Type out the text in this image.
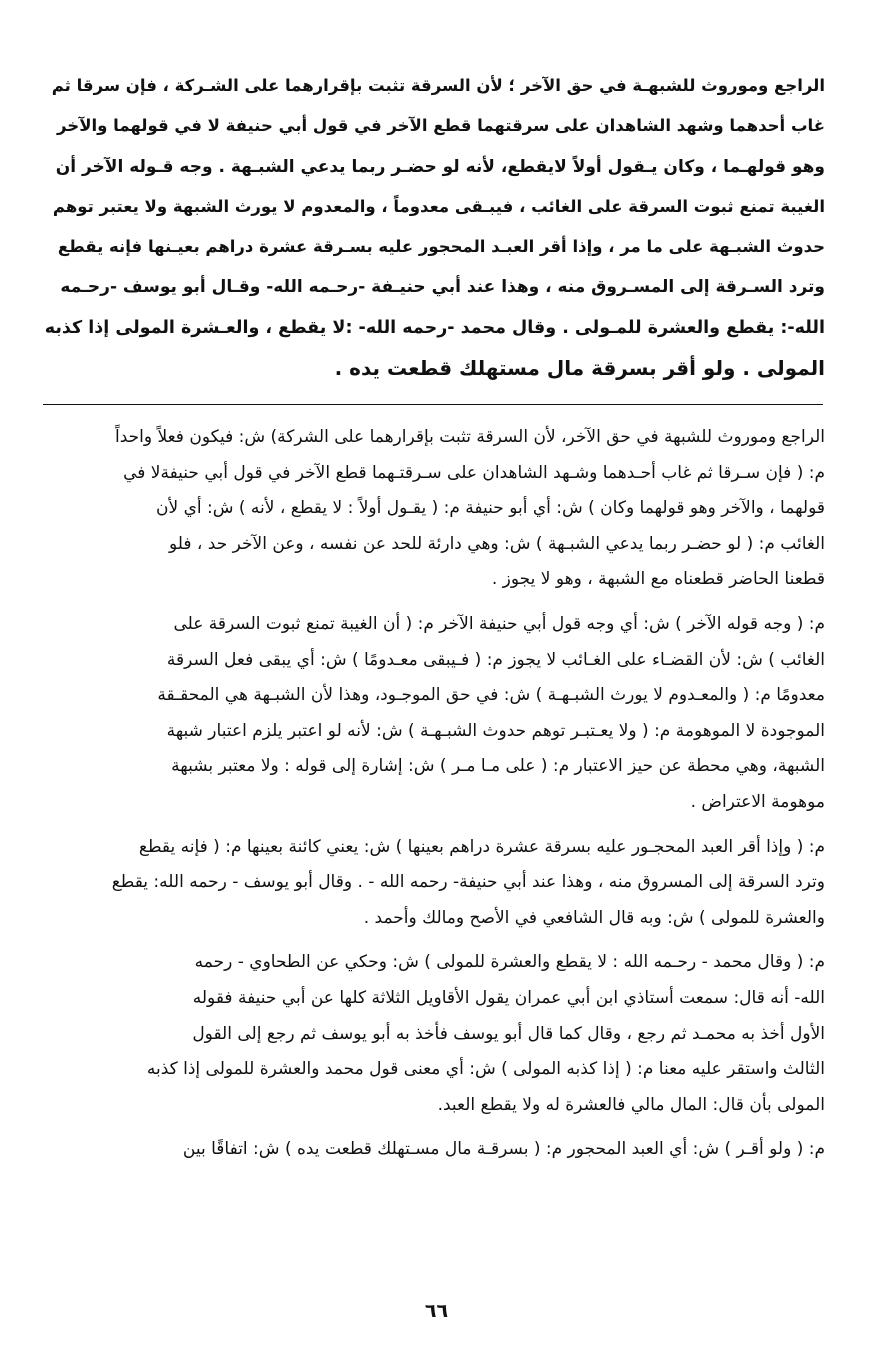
الراجع وموروث للشبهـة في حق الآخر ؛ لأن السرقة تثبت بإقرارهما على الشـركة ، فإن سرقا ثم
غاب أحدهما وشهد الشاهدان على سرقتهما قطع الآخر في قول أبي حنيفة لا في قولهما والآخر
وهو قولهـما ، وكان يـقول أولاً لايقطع، لأنه لو حضـر ربما يدعي الشبـهة . وجه قـوله الآخر أن
الغيبة تمنع ثبوت السرقة على الغائب ، فيبـقى معدوماً ، والمعدوم لا يورث الشبهة ولا يعتبر توهم
حدوث الشبـهة على ما مر ، وإذا أقر العبـد المحجور عليه بسـرقة عشرة دراهم بعيـنها فإنه يقطع
وترد السـرقة إلى المسـروق منه ، وهذا عند أبي حنيـفة -رحـمه الله- وقـال أبو يوسف -رحـمه
الله-: يقطع والعشرة للمـولى . وقال محمد -رحمه الله- :لا يقطع ، والعـشرة المولى إذا كذبه
المولى . ولو أقر بسرقة مال مستهلك قطعت يده .
الراجع وموروث للشبهة في حق الآخر، لأن السرقة تثبت بإقرارهما على الشركة) ش: فيكون فعلاً واحداً
م: ( فإن سـرقا ثم غاب أحـدهما وشـهد الشاهدان على سـرقتـهما قطع الآخر في قول أبي حنيفةلا في
قولهما ، والآخر وهو قولهما وكان ) ش: أي أبو حنيفة م: ( يقـول أولاً : لا يقطع ، لأنه ) ش: أي لأن
الغائب م: ( لو حضـر ربما يدعي الشبـهة ) ش: وهي دارئة للحد عن نفسه ، وعن الآخر حد ، فلو
قطعنا الحاضر قطعناه مع الشبهة ، وهو لا يجوز .
م: ( وجه قوله الآخر ) ش: أي وجه قول أبي حنيفة الآخر م: ( أن الغيبة تمنع ثبوت السرقة على
الغائب ) ش: لأن القضـاء على الغـائب لا يجوز م: ( فـيبقى معـدومًا ) ش: أي يبقى فعل السرقة
معدومًا م: ( والمعـدوم لا يورث الشبـهـة ) ش: في حق الموجـود، وهذا لأن الشبـهة هي المحقـقة
الموجودة لا الموهومة م: ( ولا يعـتبـر توهم حدوث الشبـهـة ) ش: لأنه لو اعتبر يلزم اعتبار شبهة
الشبهة، وهي محطة عن حيز الاعتبار م: ( على مـا مـر ) ش: إشارة إلى قوله : ولا معتبر بشبهة
موهومة الاعتراض .
م: ( وإذا أقر العبد المحجـور عليه بسرقة عشرة دراهم بعينها ) ش: يعني كائنة بعينها م: ( فإنه يقطع
وترد السرقة إلى المسروق منه ، وهذا عند أبي حنيفة- رحمه الله - . وقال أبو يوسف - رحمه الله: يقطع
والعشرة للمولى ) ش: وبه قال الشافعي في الأصح ومالك وأحمد .
م: ( وقال محمد - رحـمه الله : لا يقطع والعشرة للمولى ) ش: وحكي عن الطحاوي - رحمه
الله- أنه قال: سمعت أستاذي ابن أبي عمران يقول الأقاويل الثلاثة كلها عن أبي حنيفة فقوله
الأول أخذ به محمـد ثم رجع ، وقال كما قال أبو يوسف فأخذ به أبو يوسف ثم رجع إلى القول
الثالث واستقر عليه معنا م: ( إذا كذبه المولى ) ش: أي معنى قول محمد والعشرة للمولى إذا كذبه
المولى بأن قال: المال مالي فالعشرة له ولا يقطع العبد.
م: ( ولو أقـر ) ش: أي العبد المحجور م: ( بسرقـة مال مسـتهلك قطعت يده ) ش: اتفاقًا بين
٦٦
